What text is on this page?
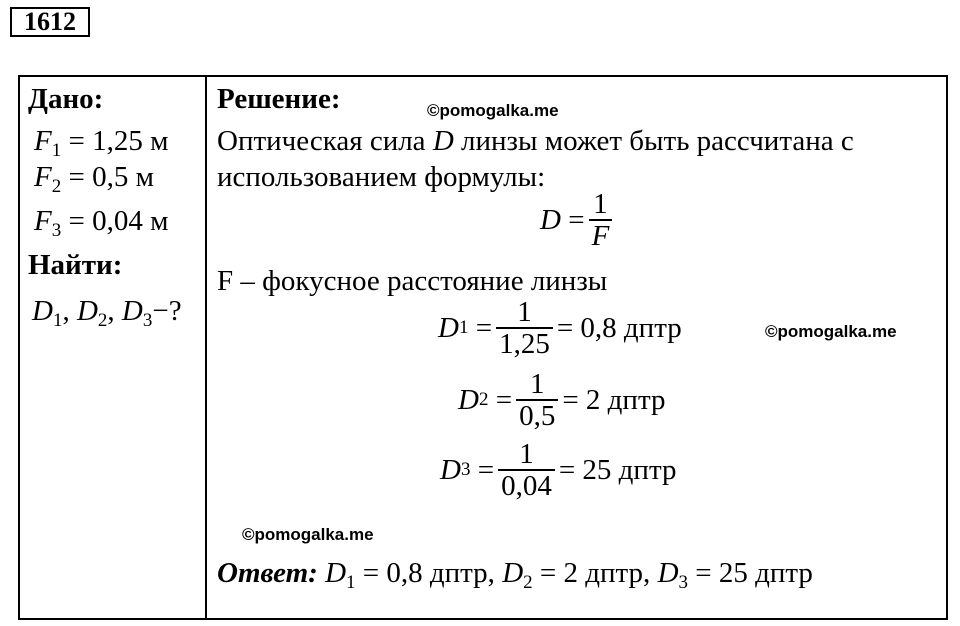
1612
Дано:
$F_1 = 1,25$ м
$F_2 = 0,5$ м
$F_3 = 0,04$ м
Найти:
$D_1$, $D_2$, $D_3-$?
Решение:	©pomogalka.me
Оптическая сила D линзы может быть рассчитана с
использованием формулы:
D
= $\frac{1}{F}$
F – фокусное расстояние линзы
D 1
= $\frac{1}{1,25} = 0,8$ дптр	©pomogalka.me
D 2
= $\frac{1}{0,5} = 2$ дптр
D 3
= $\frac{1}{0,04} = 25$ дптр
©pomogalka.me
Ответ: $D_1 = 0,8$ дптр, $D_2 = 2$ дптр, $D_3 = 25$ дптр
